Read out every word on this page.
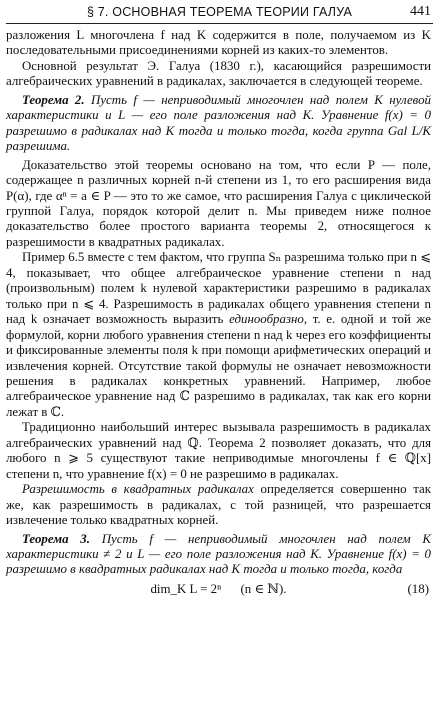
§ 7. ОСНОВНАЯ ТЕОРЕМА ТЕОРИИ ГАЛУА	441

разложения L многочлена f над K содержится в поле, получаемом из K последовательными присоединениями корней из каких-то элементов.

Основной результат Э. Галуа (1830 г.), касающийся разрешимости алгебраических уравнений в радикалах, заключается в следующей теореме.

Теорема 2. Пусть f — неприводимый многочлен над полем K нулевой характеристики и L — его поле разложения над K. Уравнение f(x) = 0 разрешимо в радикалах над K тогда и только тогда, когда группа Gal L/K разрешима.

Доказательство этой теоремы основано на том, что если P — поле, содержащее n различных корней n-й степени из 1, то его расширения вида P(α), где αⁿ = a ∈ P — это то же самое, что расширения Галуа с циклической группой Галуа, порядок которой делит n. Мы приведем ниже полное доказательство более простого варианта теоремы 2, относящегося к разрешимости в квадратных радикалах.

Пример 6.5 вместе с тем фактом, что группа Sₙ разрешима только при n ⩽ 4, показывает, что общее алгебраическое уравнение степени n над (произвольным) полем k нулевой характеристики разрешимо в радикалах только при n ⩽ 4. Разрешимость в радикалах общего уравнения степени n над k означает возможность выразить единообразно, т. е. одной и той же формулой, корни любого уравнения степени n над k через его коэффициенты и фиксированные элементы поля k при помощи арифметических операций и извлечения корней. Отсутствие такой формулы не означает невозможности решения в радикалах конкретных уравнений. Например, любое алгебраическое уравнение над ℂ разрешимо в радикалах, так как его корни лежат в ℂ.

Традиционно наибольший интерес вызывала разрешимость в радикалах алгебраических уравнений над ℚ. Теорема 2 позволяет доказать, что для любого n ⩾ 5 существуют такие неприводимые многочлены f ∈ ℚ[x] степени n, что уравнение f(x) = 0 не разрешимо в радикалах.

Разрешимость в квадратных радикалах определяется совершенно так же, как разрешимость в радикалах, с той разницей, что разрешается извлечение только квадратных корней.

Теорема 3. Пусть f — неприводимый многочлен над полем K характеристики ≠ 2 и L — его поле разложения над K. Уравнение f(x) = 0 разрешимо в квадратных радикалах над K тогда и только тогда, когда

dim_K L = 2ⁿ (n ∈ ℕ).	(18)
